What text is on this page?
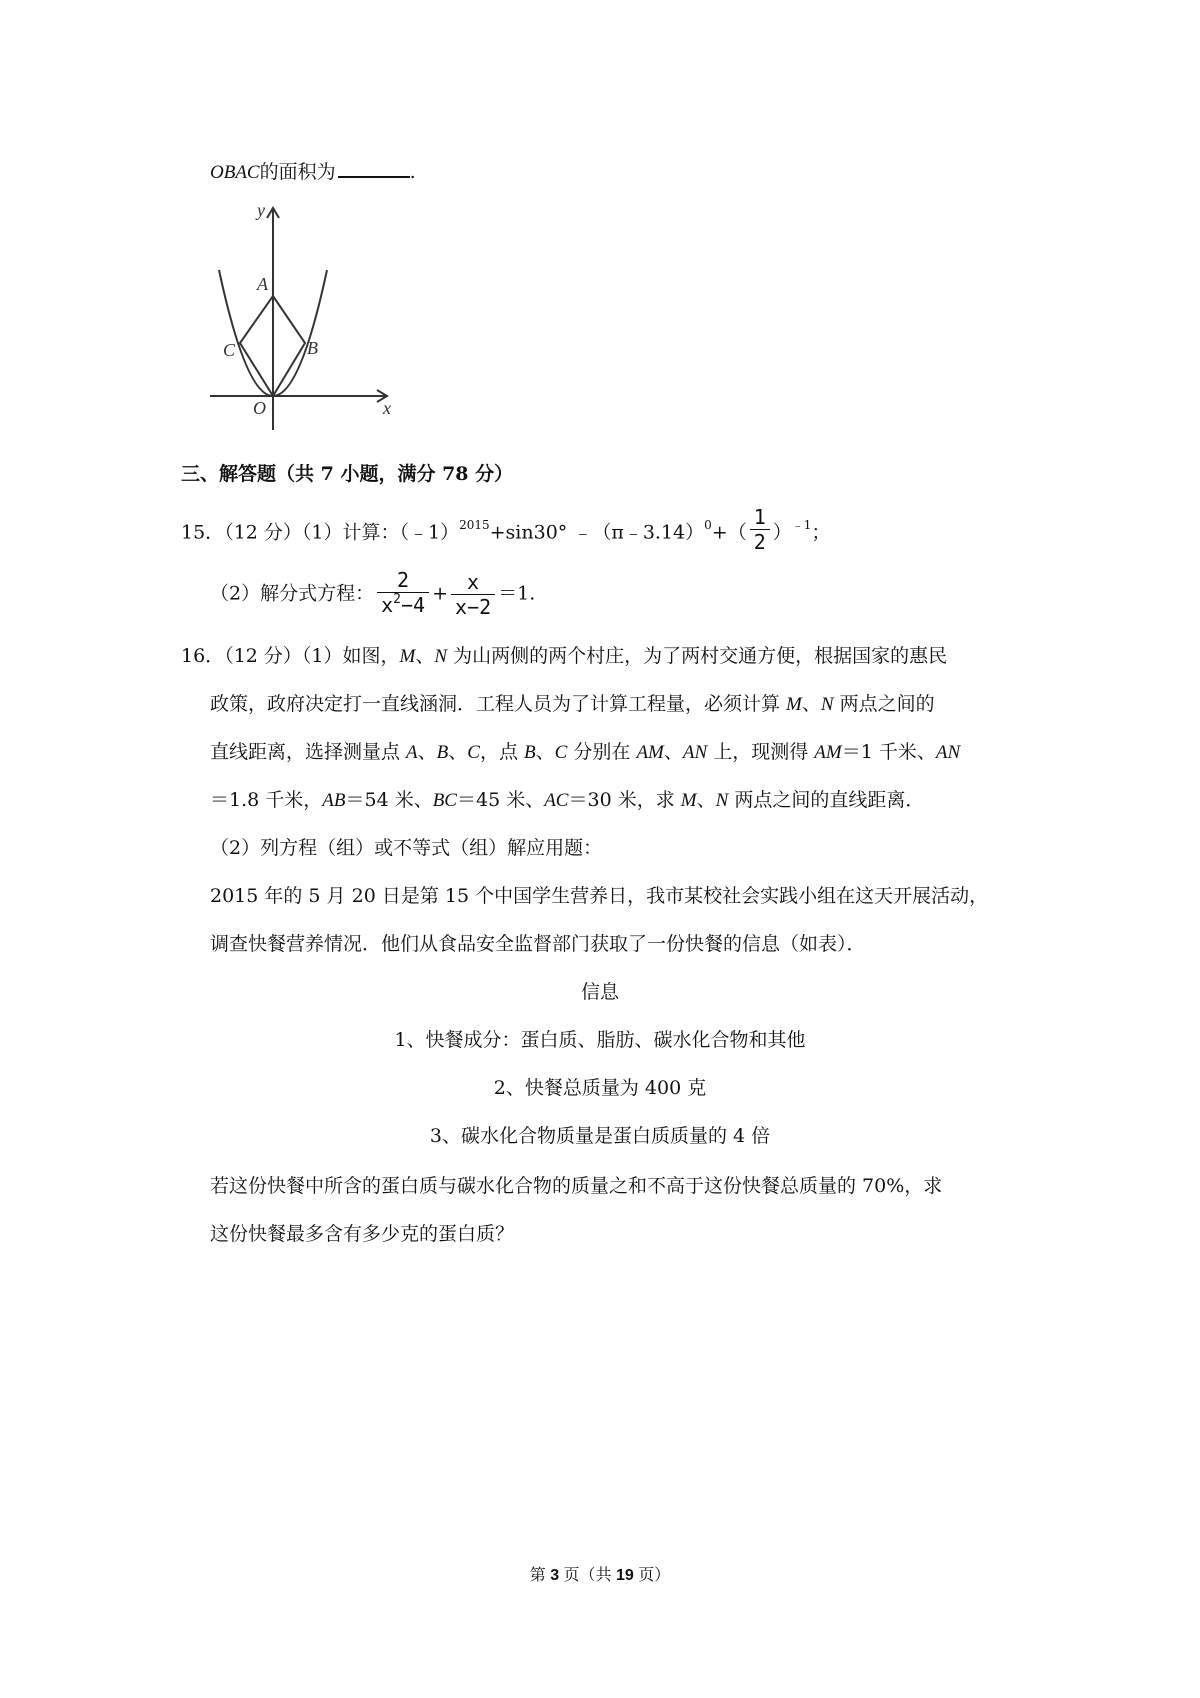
OBAC的面积为	.
y
x
O
A
B
C
三、解答题（共 7 小题，满分 78 分）
15．（12 分）（1）计算：（﹣1）$^{2015}$+sin30° ﹣（π﹣3.14）$^0$+（ $\frac{1}{2} )^{﹣1}$；
（2）解分式方程： $\frac{2}{x^2-4} + \frac{x}{x-2} =1$.
16．（12 分）（1）如图，M、N 为山两侧的两个村庄，为了两村交通方便，根据国家的惠民
政策，政府决定打一直线涵洞．工程人员为了计算工程量，必须计算 M、N 两点之间的
直线距离，选择测量点 A、B、C，点 B、C 分别在 AM、AN 上，现测得 AM＝1 千米、AN
＝1.8 千米，AB＝54 米、BC＝45 米、AC＝30 米，求 M、N 两点之间的直线距离．
（2）列方程（组）或不等式（组）解应用题：
2015 年的 5 月 20 日是第 15 个中国学生营养日，我市某校社会实践小组在这天开展活动，
调查快餐营养情况．他们从食品安全监督部门获取了一份快餐的信息（如表）．
信息
1、快餐成分：蛋白质、脂肪、碳水化合物和其他
2、快餐总质量为 400 克
3、碳水化合物质量是蛋白质质量的 4 倍
若这份快餐中所含的蛋白质与碳水化合物的质量之和不高于这份快餐总质量的 70%，求
这份快餐最多含有多少克的蛋白质？
第 3 页（共 19 页）
